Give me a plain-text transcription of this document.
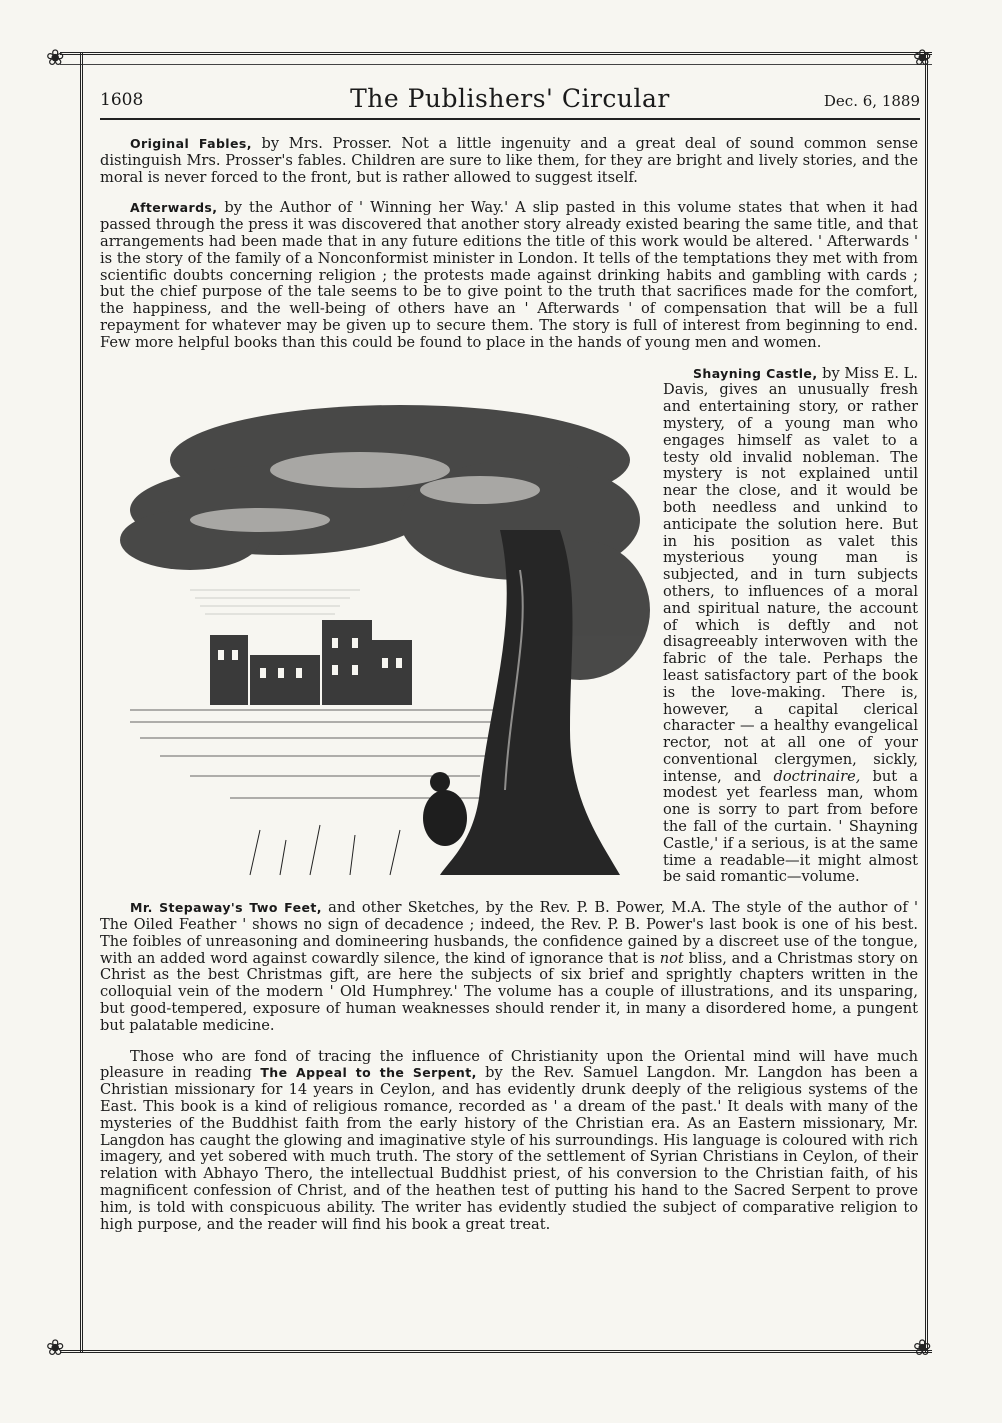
❀	❀
❀	❀
1608	The Publishers' Circular	Dec. 6, 1889

Original Fables, by Mrs. Prosser. Not a little ingenuity and a great deal of sound common sense distinguish Mrs. Prosser's fables. Children are sure to like them, for they are bright and lively stories, and the moral is never forced to the front, but is rather allowed to suggest itself.

Afterwards, by the Author of ' Winning her Way.' A slip pasted in this volume states that when it had passed through the press it was discovered that another story already existed bearing the same title, and that arrangements had been made that in any future editions the title of this work would be altered. ' Afterwards ' is the story of the family of a Nonconformist minister in London. It tells of the temptations they met with from scientific doubts concerning religion ; the protests made against drinking habits and gambling with cards ; but the chief purpose of the tale seems to be to give point to the truth that sacrifices made for the comfort, the happiness, and the well-being of others have an ' Afterwards ' of compensation that will be a full repayment for whatever may be given up to secure them. The story is full of interest from beginning to end. Few more helpful books than this could be found to place in the hands of young men and women.

Shayning Castle, by Miss E. L. Davis, gives an unusually fresh and entertaining story, or rather mystery, of a young man who engages himself as valet to a testy old invalid nobleman. The mystery is not explained until near the close, and it would be both needless and unkind to anticipate the solution here. But in his position as valet this mysterious young man is subjected, and in turn subjects others, to influences of a moral and spiritual nature, the account of which is deftly and not disagreeably interwoven with the fabric of the tale. Perhaps the least satisfactory part of the book is the love-making. There is, however, a capital clerical character — a healthy evangelical rector, not at all one of your conventional clergymen, sickly, intense, and doctrinaire, but a modest yet fearless man, whom one is sorry to part from before the fall of the curtain. ' Shayning Castle,' if a serious, is at the same time a readable—it might almost be said romantic—volume.

Mr. Stepaway's Two Feet, and other Sketches, by the Rev. P. B. Power, M.A. The style of the author of ' The Oiled Feather ' shows no sign of decadence ; indeed, the Rev. P. B. Power's last book is one of his best. The foibles of unreasoning and domineering husbands, the confidence gained by a discreet use of the tongue, with an added word against cowardly silence, the kind of ignorance that is not bliss, and a Christmas story on Christ as the best Christmas gift, are here the subjects of six brief and sprightly chapters written in the colloquial vein of the modern ' Old Humphrey.' The volume has a couple of illustrations, and its unsparing, but good-tempered, exposure of human weaknesses should render it, in many a disordered home, a pungent but palatable medicine.

Those who are fond of tracing the influence of Christianity upon the Oriental mind will have much pleasure in reading The Appeal to the Serpent, by the Rev. Samuel Langdon. Mr. Langdon has been a Christian missionary for 14 years in Ceylon, and has evidently drunk deeply of the religious systems of the East. This book is a kind of religious romance, recorded as ' a dream of the past.' It deals with many of the mysteries of the Buddhist faith from the early history of the Christian era. As an Eastern missionary, Mr. Langdon has caught the glowing and imaginative style of his surroundings. His language is coloured with rich imagery, and yet sobered with much truth. The story of the settlement of Syrian Christians in Ceylon, of their relation with Abhayo Thero, the intellectual Buddhist priest, of his conversion to the Christian faith, of his magnificent confession of Christ, and of the heathen test of putting his hand to the Sacred Serpent to prove him, is told with conspicuous ability. The writer has evidently studied the subject of comparative religion to high purpose, and the reader will find his book a great treat.
